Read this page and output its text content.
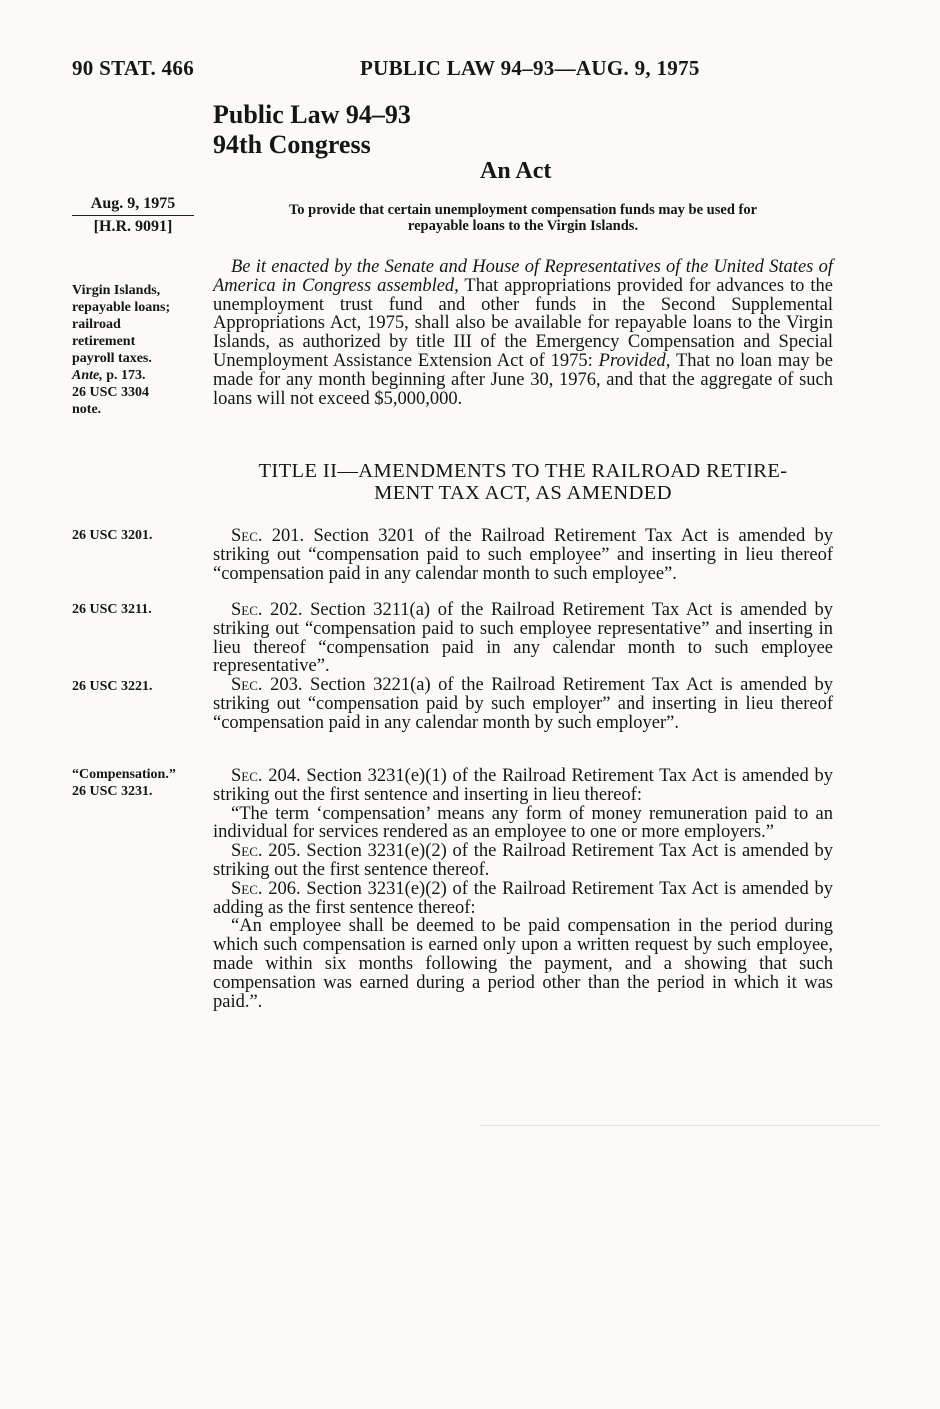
90 STAT. 466	PUBLIC LAW 94–93—AUG. 9, 1975
Public Law 94–93
94th Congress
An Act
Aug. 9, 1975
[H.R. 9091]
To provide that certain unemployment compensation funds may be used for
repayable loans to the Virgin Islands.
Virgin Islands,
repayable loans;
railroad
retirement
payroll taxes.
Ante, p. 173.
26 USC 3304
note.
Be it enacted by the Senate and House of Representatives of the United States of America in Congress assembled, That appropriations provided for advances to the unemployment trust fund and other funds in the Second Supplemental Appropriations Act, 1975, shall also be available for repayable loans to the Virgin Islands, as authorized by title III of the Emergency Compensation and Special Unemployment Assistance Extension Act of 1975: Provided, That no loan may be made for any month beginning after June 30, 1976, and that the aggregate of such loans will not exceed $5,000,000.
TITLE II—AMENDMENTS TO THE RAILROAD RETIRE-
MENT TAX ACT, AS AMENDED
26 USC 3201.
26 USC 3211.
26 USC 3221.
“Compensation.”
26 USC 3231.
Sec. 201. Section 3201 of the Railroad Retirement Tax Act is amended by striking out “compensation paid to such employee” and inserting in lieu thereof “compensation paid in any calendar month to such employee”.
Sec. 202. Section 3211(a) of the Railroad Retirement Tax Act is amended by striking out “compensation paid to such employee representative” and inserting in lieu thereof “compensation paid in any calendar month to such employee representative”.
Sec. 203. Section 3221(a) of the Railroad Retirement Tax Act is amended by striking out “compensation paid by such employer” and inserting in lieu thereof “compensation paid in any calendar month by such employer”.
Sec. 204. Section 3231(e)(1) of the Railroad Retirement Tax Act is amended by striking out the first sentence and inserting in lieu thereof:
“The term ‘compensation’ means any form of money remuneration paid to an individual for services rendered as an employee to one or more employers.”
Sec. 205. Section 3231(e)(2) of the Railroad Retirement Tax Act is amended by striking out the first sentence thereof.
Sec. 206. Section 3231(e)(2) of the Railroad Retirement Tax Act is amended by adding as the first sentence thereof:
“An employee shall be deemed to be paid compensation in the period during which such compensation is earned only upon a written request by such employee, made within six months following the payment, and a showing that such compensation was earned during a period other than the period in which it was paid.”.
